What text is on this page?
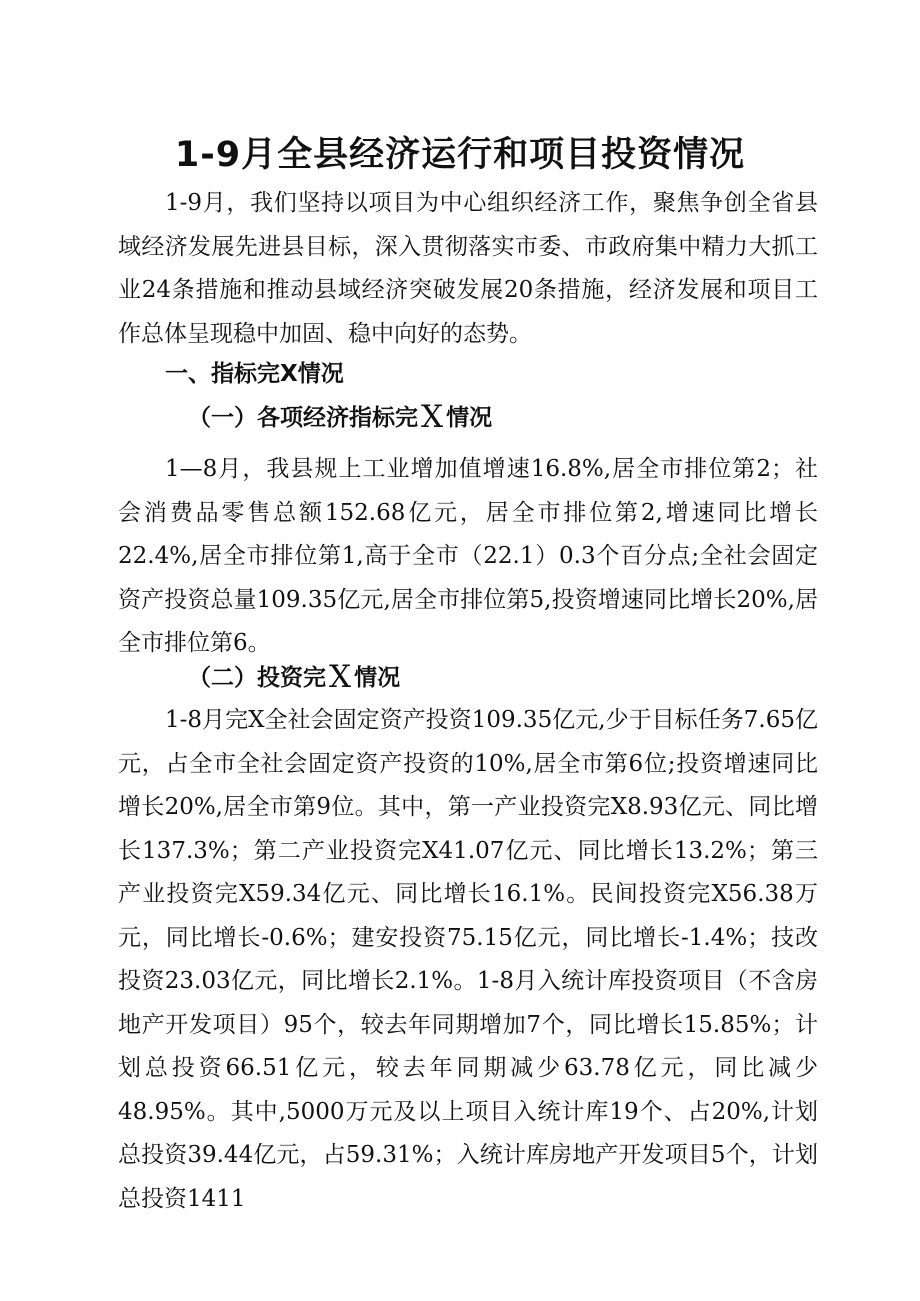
1-9月全县经济运行和项目投资情况

1-9月，我们坚持以项目为中心组织经济工作，聚焦争创全省县域经济发展先进县目标，深入贯彻落实市委、市政府集中精力大抓工业24条措施和推动县域经济突破发展20条措施，经济发展和项目工作总体呈现稳中加固、稳中向好的态势。

一、指标完X情况
（一）各项经济指标完X 情况

1—8月，我县规上工业增加值增速16.8%,居全市排位第2；社会消费品零售总额152.68亿元，居全市排位第2,增速同比增长22.4%,居全市排位第1,高于全市（22.1）0.3个百分点;全社会固定资产投资总量109.35亿元,居全市排位第5,投资增速同比增长20%,居全市排位第6。

（二）投资完X 情况

1-8月完X全社会固定资产投资109.35亿元,少于目标任务7.65亿元，占全市全社会固定资产投资的10%,居全市第6位;投资增速同比增长20%,居全市第9位。其中，第一产业投资完X8.93亿元、同比增长137.3%；第二产业投资完X41.07亿元、同比增长13.2%；第三产业投资完X59.34亿元、同比增长16.1%。民间投资完X56.38万元，同比增长-0.6%；建安投资75.15亿元，同比增长-1.4%；技改投资23.03亿元，同比增长2.1%。1-8月入统计库投资项目（不含房地产开发项目）95个，较去年同期增加7个，同比增长15.85%；计划总投资66.51亿元，较去年同期减少63.78亿元，同比减少48.95%。其中,5000万元及以上项目入统计库19个、占20%,计划总投资39.44亿元，占59.31%；入统计库房地产开发项目5个，计划总投资1411
